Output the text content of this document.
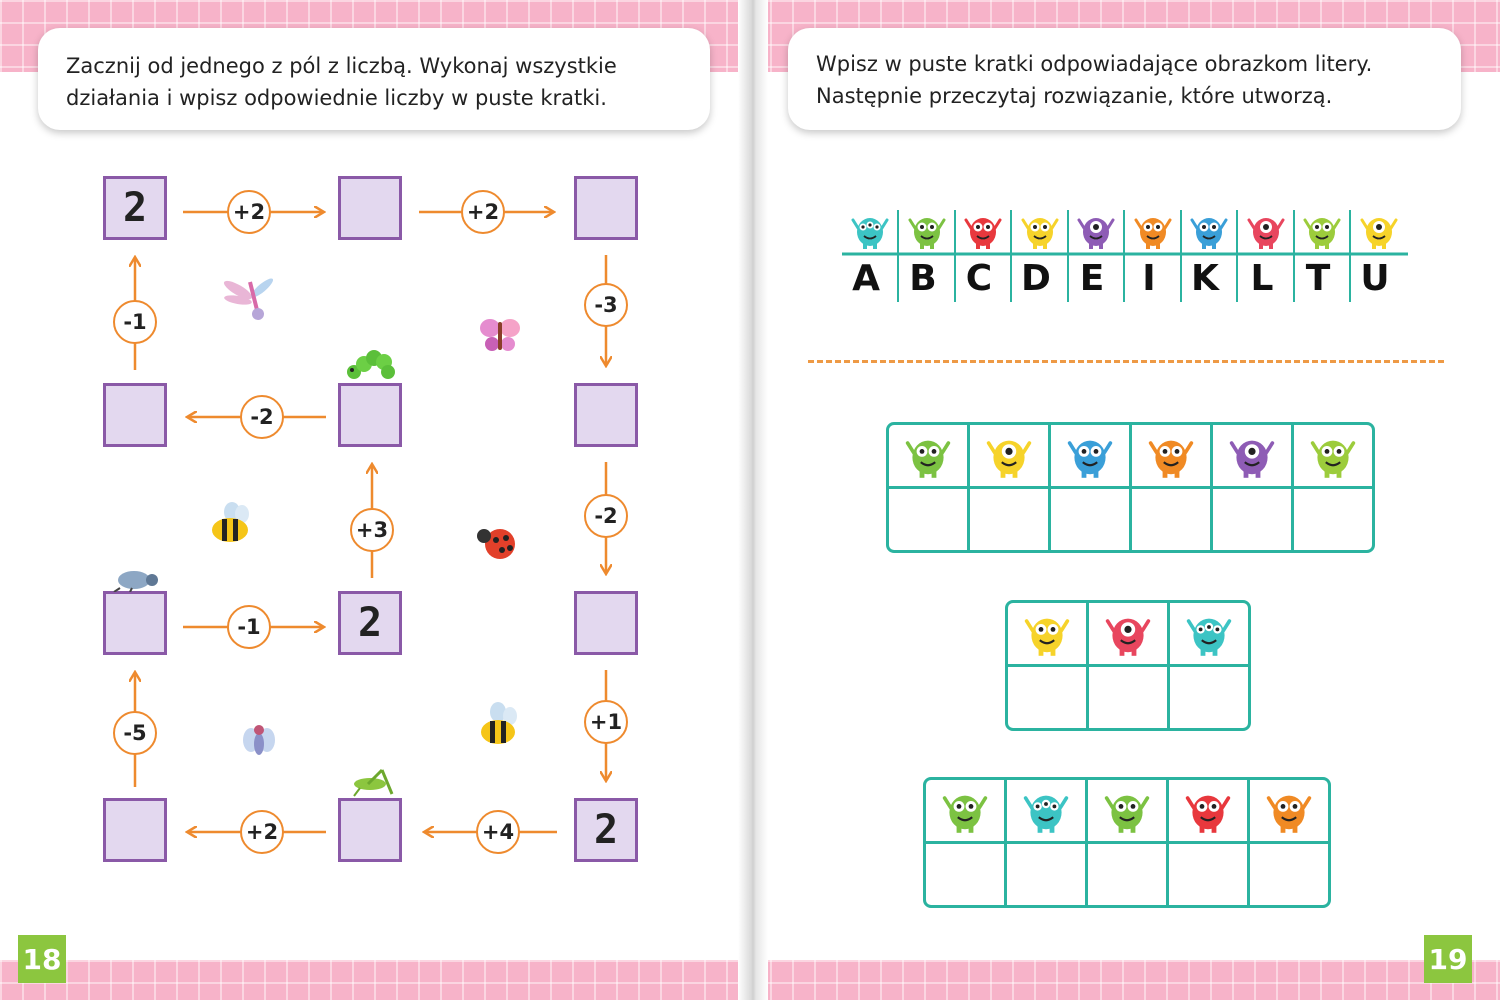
Zacznij od jednego z pól z liczbą. Wykonaj wszystkie działania i wpisz odpowiednie liczby w puste kratki.
2
2
2
+2	+2
-3
-2
+1
+4
+2
-5
-1
+3
-2
-1
18
Wpisz w puste kratki odpowiadające obrazkom litery. Następnie przeczytaj rozwiązanie, które utworzą.
A B C D E	I K L T U
19
